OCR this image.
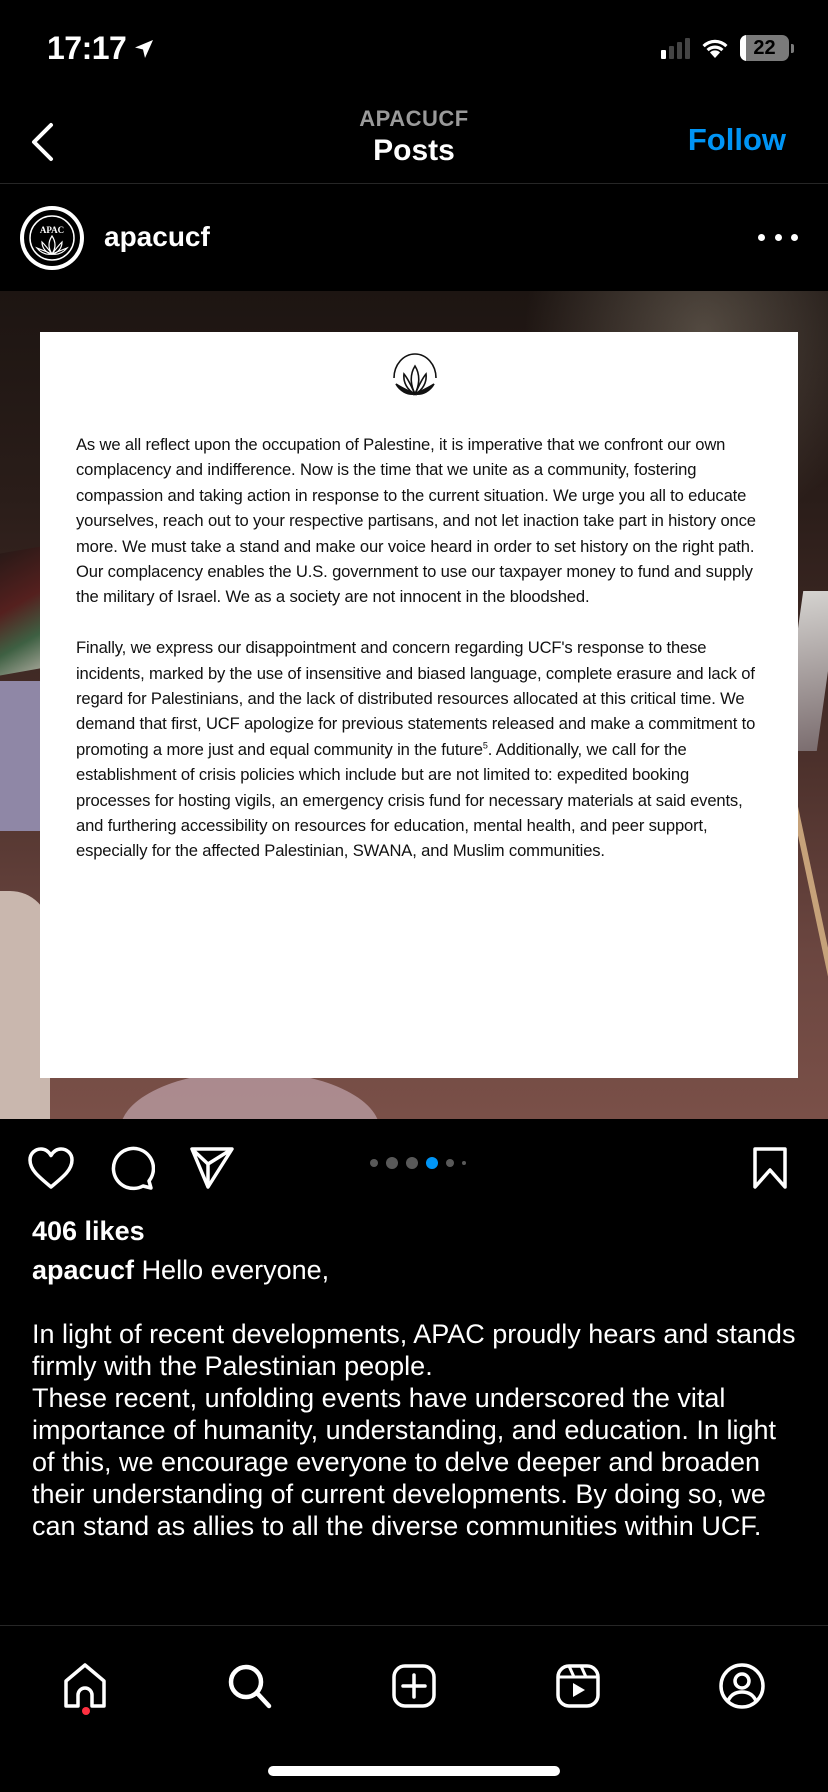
17:17	22
APACUCF
Posts	Follow
APAC apacucf

As we all reflect upon the occupation of Palestine, it is imperative that we confront our own complacency and indifference. Now is the time that we unite as a community, fostering compassion and taking action in response to the current situation. We urge you all to educate yourselves, reach out to your respective partisans, and not let inaction take part in history once more. We must take a stand and make our voice heard in order to set history on the right path. Our complacency enables the U.S. government to use our taxpayer money to fund and supply the military of Israel. We as a society are not innocent in the bloodshed.

Finally, we express our disappointment and concern regarding UCF's response to these incidents, marked by the use of insensitive and biased language, complete erasure and lack of regard for Palestinians, and the lack of distributed resources allocated at this critical time. We demand that first, UCF apologize for previous statements released and make a commitment to promoting a more just and equal community in the future$^5$. Additionally, we call for the establishment of crisis policies which include but are not limited to: expedited booking processes for hosting vigils, an emergency crisis fund for necessary materials at said events, and furthering accessibility on resources for education, mental health, and peer support, especially for the affected Palestinian, SWANA, and Muslim communities.

406 likes

apacucf Hello everyone,

In light of recent developments, APAC proudly hears and stands firmly with the Palestinian people.

These recent, unfolding events have underscored the vital importance of humanity, understanding, and education. In light of this, we encourage everyone to delve deeper and broaden their understanding of current developments. By doing so, we can stand as allies to all the diverse communities within UCF.
